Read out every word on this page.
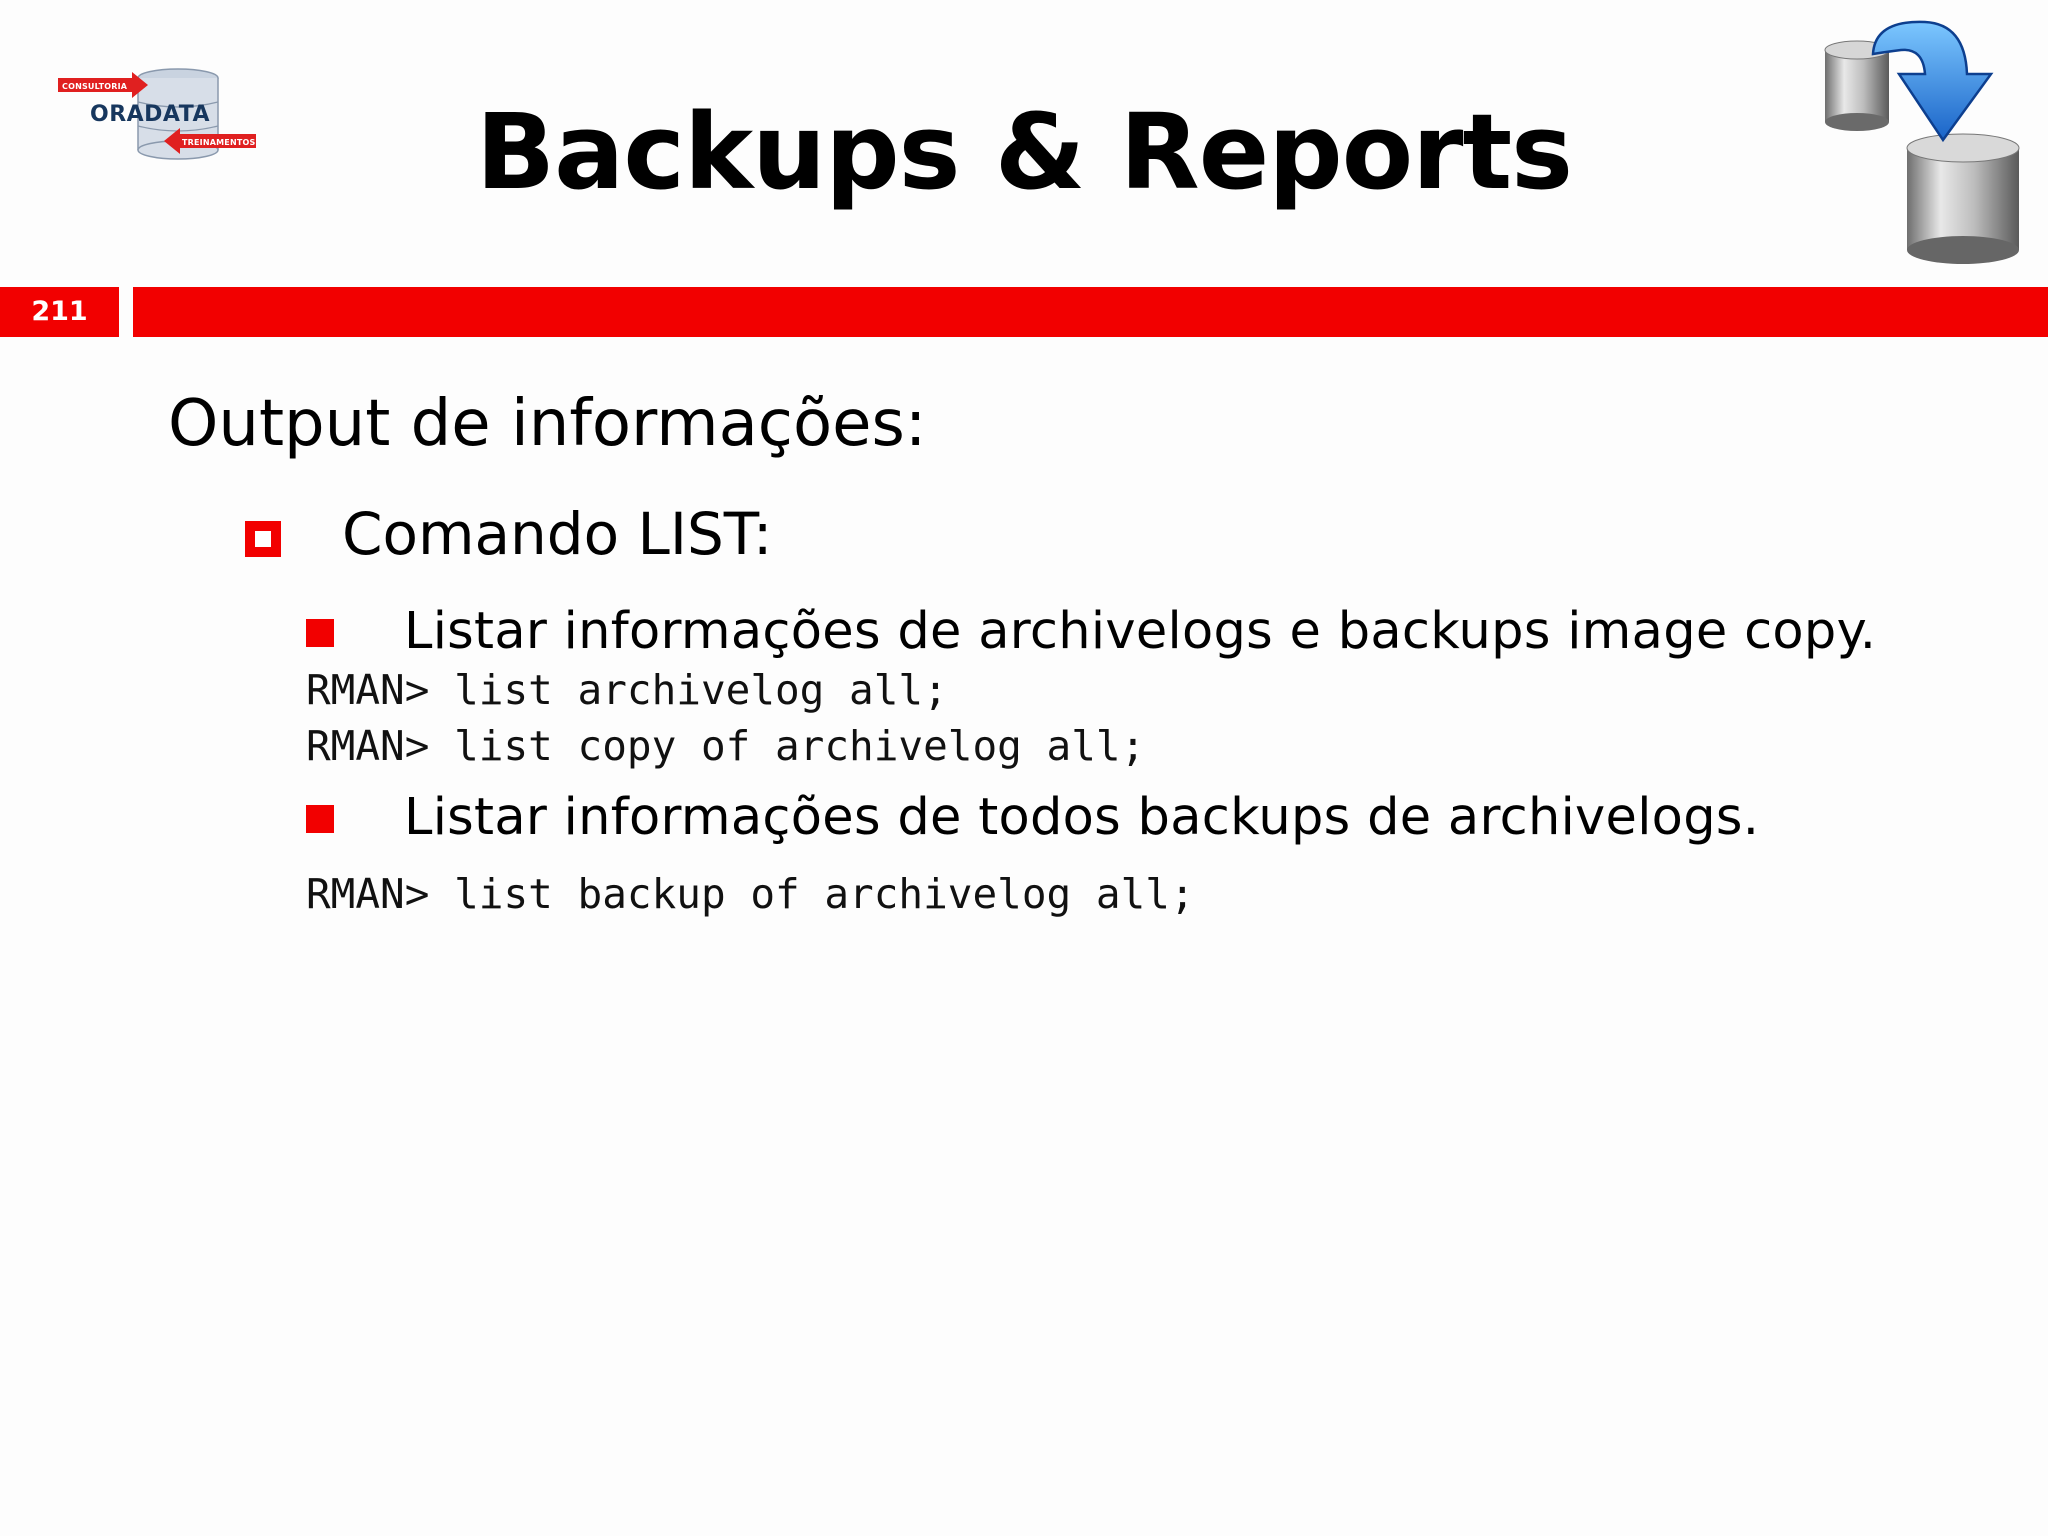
CONSULTORIA
ORADATA
TREINAMENTOS	Backups & Reports
211
Output de informações:
Comando LIST:
Listar informações de archivelogs e backups image copy.
RMAN> list archivelog all;
RMAN> list copy of archivelog all;
Listar informações de todos backups de archivelogs.
RMAN> list backup of archivelog all;
